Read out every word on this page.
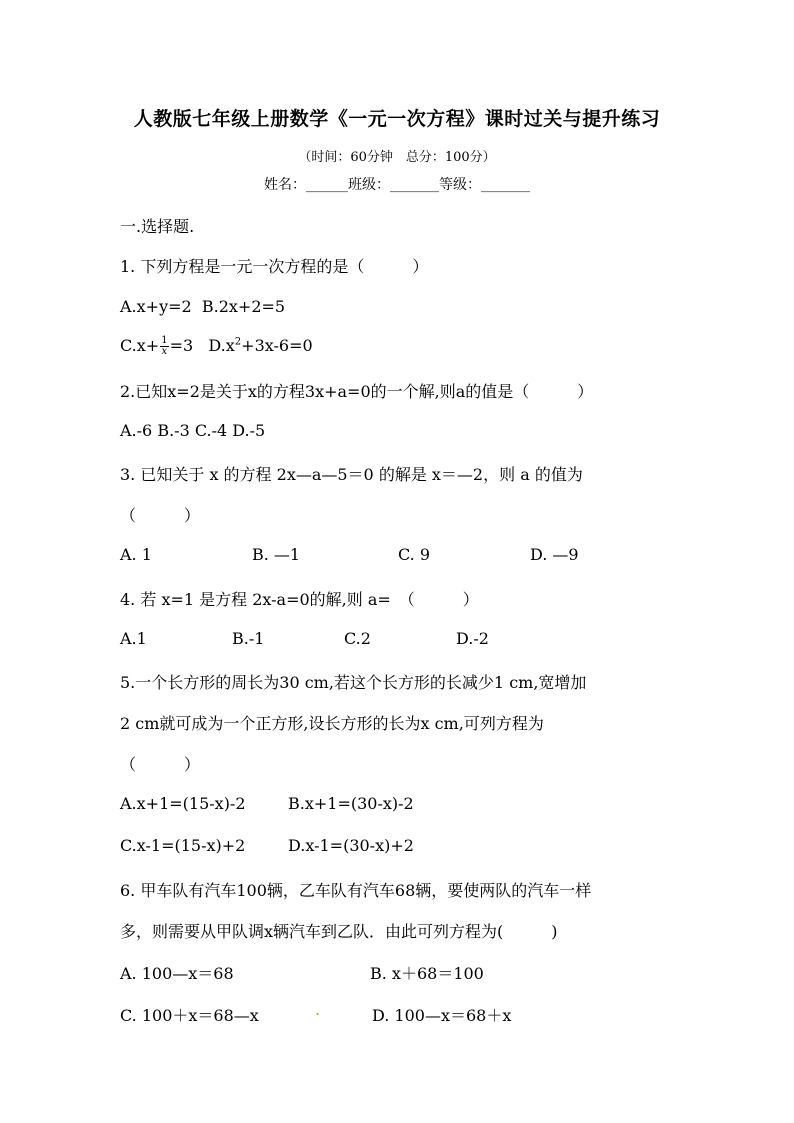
人教版七年级上册数学《一元一次方程》课时过关与提升练习
（时间：60分钟　总分：100分）
姓名：______班级：_______等级：_______
一.选择题.
1. 下列方程是一元一次方程的是（　　　）
A.x+y=2 B.2x+2=5
$C.x+ \frac{1}{x} =3$ $D.x^2+3x-6=0$
2.已知x=2是关于x的方程3x+a=0的一个解,则a的值是（　　　）
A.-6 B.-3 C.-4 D.-5
3. 已知关于 x 的方程 2x—a—5＝0 的解是 x＝—2，则 a 的值为
（　　　）
A. 1	B. —1	C. 9	D. —9
4. 若 x=1 是方程 2x-a=0的解,则 a=　（　　　）
A.1	B.-1	C.2	D.-2
5.一个长方形的周长为30 cm,若这个长方形的长减少1 cm,宽增加
2 cm就可成为一个正方形,设长方形的长为x cm,可列方程为
（　　　）
A.x+1=(15-x)-2	B.x+1=(30-x)-2
C.x-1=(15-x)+2	D.x-1=(30-x)+2
6. 甲车队有汽车100辆，乙车队有汽车68辆，要使两队的汽车一样
多，则需要从甲队调x辆汽车到乙队．由此可列方程为(　　　)
A. 100—x＝68	B. x＋68＝100
C. 100＋x＝68—x	.	D. 100—x＝68＋x
